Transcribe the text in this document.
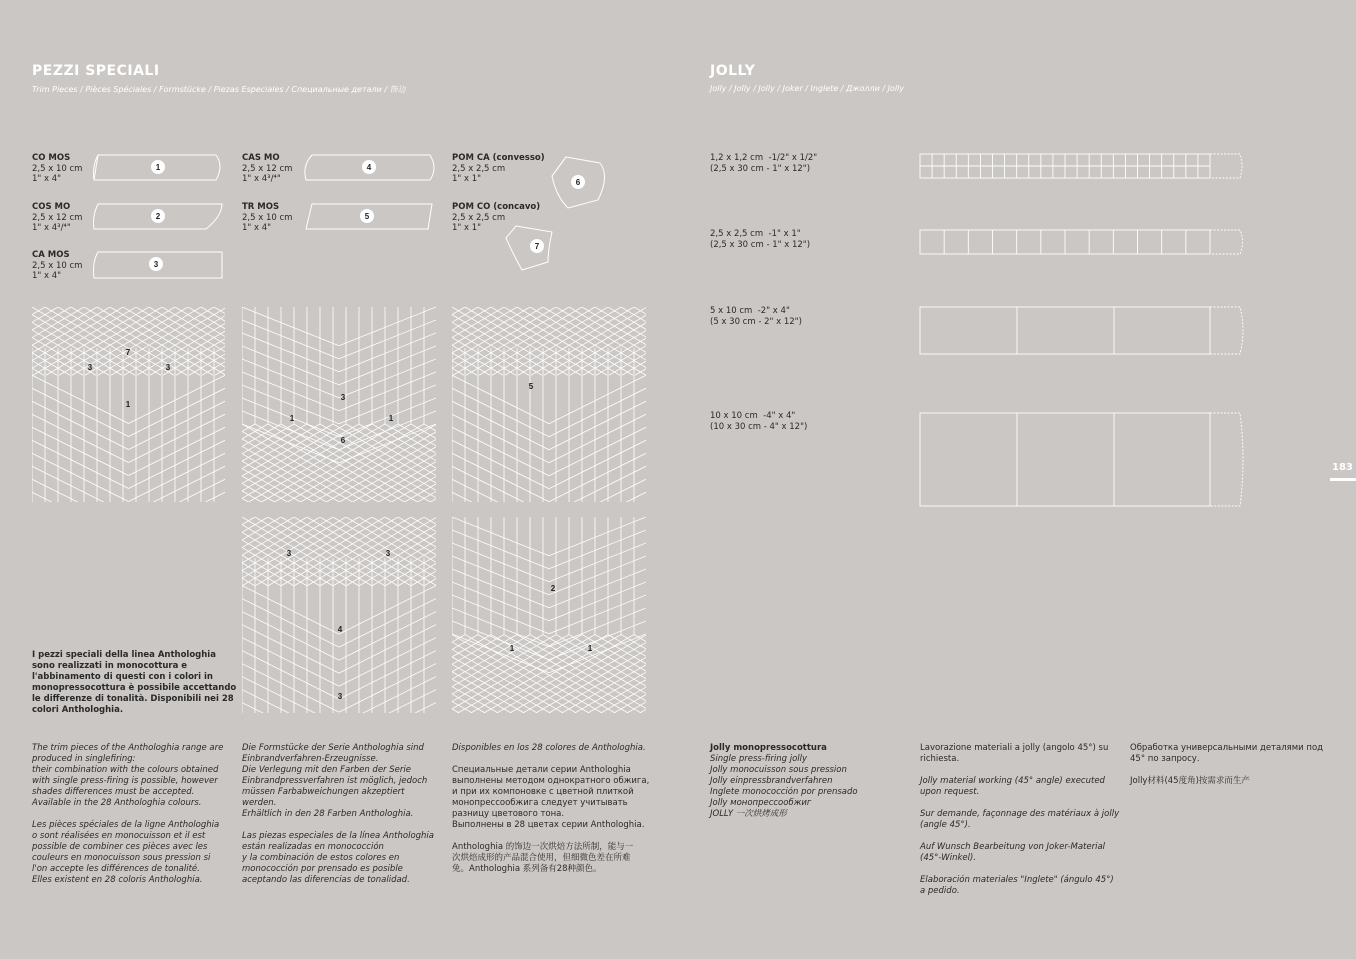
PEZZI SPECIALI
Trim Pieces / Pièces Spéciales / Formstücke / Piezas Especiales / Специальные детали / 饰边
CO MOS
2,5 x 10 cm
1" x 4"
COS MO
2,5 x 12 cm
1" x 4³/⁴"
CA MOS
2,5 x 10 cm
1" x 4"
CAS MO
2,5 x 12 cm
1" x 4³/⁴"
TR MOS
2,5 x 10 cm
1" x 4"
POM CA (convesso)
2,5 x 2,5 cm
1" x 1"
POM CO (concavo)
2,5 x 2,5 cm
1" x 1"
1
2
3
4
5
6
7
7
3	3
1
3
1	1
6
5
3	3
4
3
2
1	1
I pezzi speciali della linea Anthologhia
sono realizzati in monocottura e
l'abbinamento di questi con i colori in
monopressocottura è possibile accettando
le differenze di tonalità. Disponibili nei 28
colori Anthologhia.
The trim pieces of the Anthologhia range are
produced in singlefiring:
their combination with the colours obtained
with single press-firing is possible, however
shades differences must be accepted.
Available in the 28 Anthologhia colours.

Les pièces spéciales de la ligne Anthologhia
o sont réalisées en monocuisson et il est
possible de combiner ces pièces avec les
couleurs en monocuisson sous pression si
l'on accepte les différences de tonalité.
Elles existent en 28 coloris Anthologhia.
Die Formstücke der Serie Anthologhia sind
Einbrandverfahren-Erzeugnisse.
Die Verlegung mit den Farben der Serie
Einbrandpressverfahren ist möglich, jedoch
müssen Farbabweichungen akzeptiert
werden.
Erhältlich in den 28 Farben Anthologhia.

Las piezas especiales de la línea Anthologhia
están realizadas en monococción
y la combinación de estos colores en
monococción por prensado es posible
aceptando las diferencias de tonalidad.
Disponibles en los 28 colores de Anthologhia.
Специальные детали серии Anthologhia
выполнены методом однократного обжига,
и при их компоновке с цветной плиткой
монопрессообжига следует учитывать
разницу цветового тона.
Выполнены в 28 цветах серии Anthologhia.
Anthologhia 的饰边一次烘焙方法所制，能与一
次烘焙成形的产品混合使用，但细微色差在所难
免。Anthologhia 系列备有28种颜色。
JOLLY
Jolly / Jolly / Jolly / Joker / Inglete / Джолли / Jolly
1,2 x 1,2 cm  -1/2" x 1/2"
(2,5 x 30 cm - 1" x 12")
2,5 x 2,5 cm  -1" x 1"
(2,5 x 30 cm - 1" x 12")
5 x 10 cm  -2" x 4"
(5 x 30 cm - 2" x 12")
10 x 10 cm  -4" x 4"
(10 x 30 cm - 4" x 12")
Jolly monopressocottura
Single press-firing jolly
Jolly monocuisson sous pression
Jolly einpressbrandverfahren
Inglete monococción por prensado
Jolly монопрессообжиг
JOLLY 一次烘烤成形
Lavorazione materiali a jolly (angolo 45°) su
richiesta.
Jolly material working (45° angle) executed
upon request.

Sur demande, façonnage des matériaux à jolly
(angle 45°).

Auf Wunsch Bearbeitung von Joker-Material
(45°-Winkel).

Elaboración materiales "Inglete" (ángulo 45°)
a pedido.
Обработка универсальными деталями под
45° по запросу.

Jolly材料(45度角)按需求而生产
183
